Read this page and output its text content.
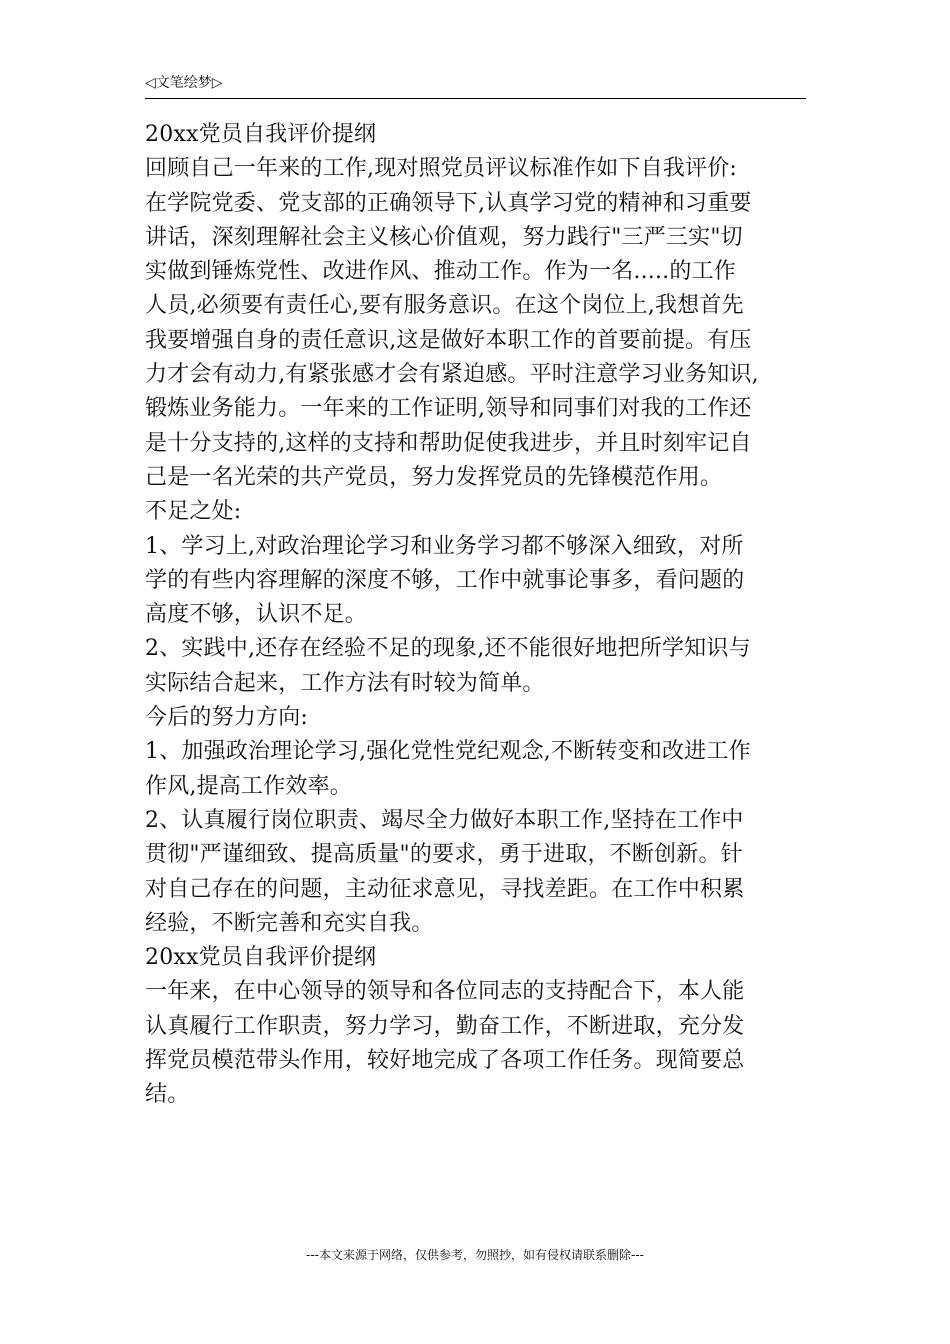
◁文笔绘梦▷

20xx党员自我评价提纲

回顾自己一年来的工作,现对照党员评议标准作如下自我评价:

在学院党委、党支部的正确领导下,认真学习党的精神和习重要

讲话，深刻理解社会主义核心价值观，努力践行"三严三实"切

实做到锤炼党性、改进作风、推动工作。作为一名.....的工作

人员,必须要有责任心,要有服务意识。在这个岗位上,我想首先

我要增强自身的责任意识,这是做好本职工作的首要前提。有压

力才会有动力,有紧张感才会有紧迫感。平时注意学习业务知识,

锻炼业务能力。一年来的工作证明,领导和同事们对我的工作还

是十分支持的,这样的支持和帮助促使我进步，并且时刻牢记自

己是一名光荣的共产党员，努力发挥党员的先锋模范作用。

不足之处:

1、学习上,对政治理论学习和业务学习都不够深入细致，对所

学的有些内容理解的深度不够，工作中就事论事多，看问题的

高度不够，认识不足。

2、实践中,还存在经验不足的现象,还不能很好地把所学知识与

实际结合起来，工作方法有时较为简单。

今后的努力方向:

1、加强政治理论学习,强化党性党纪观念,不断转变和改进工作

作风,提高工作效率。

2、认真履行岗位职责、竭尽全力做好本职工作,坚持在工作中

贯彻"严谨细致、提高质量"的要求，勇于进取，不断创新。针

对自己存在的问题，主动征求意见，寻找差距。在工作中积累

经验，不断完善和充实自我。

20xx党员自我评价提纲

一年来，在中心领导的领导和各位同志的支持配合下，本人能

认真履行工作职责，努力学习，勤奋工作，不断进取，充分发

挥党员模范带头作用，较好地完成了各项工作任务。现简要总

结。

---本文来源于网络，仅供参考，勿照抄，如有侵权请联系删除---
